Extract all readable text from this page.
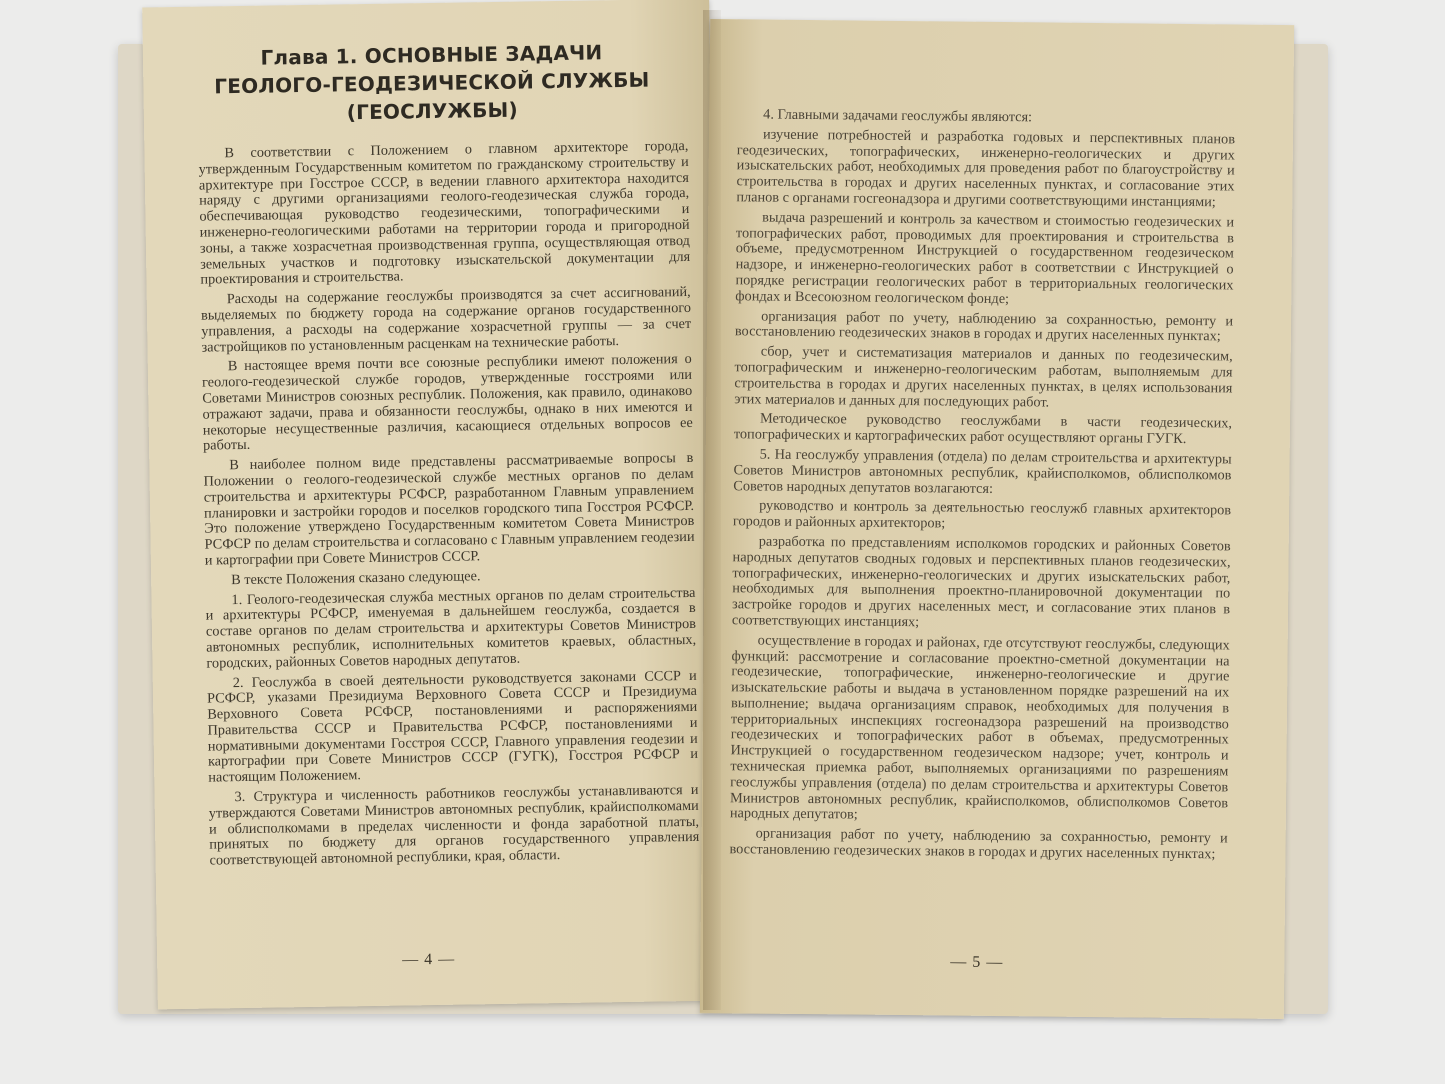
Глава 1. ОСНОВНЫЕ ЗАДАЧИ
ГЕОЛОГО-ГЕОДЕЗИЧЕСКОЙ СЛУЖБЫ
(ГЕОСЛУЖБЫ)

В соответствии с Положением о главном архитекторе города, утвержденным Государственным комитетом по гражданскому строительству и архитектуре при Госстрое СССР, в ведении главного архитектора находится наряду с другими организациями геолого-геодезическая служба города, обеспечивающая руководство геодезическими, топографическими и инженерно-геологическими работами на территории города и пригородной зоны, а также хозрасчетная производственная группа, осуществляющая отвод земельных участков и подготовку изыскательской документации для проектирования и строительства.

Расходы на содержание геослужбы производятся за счет ассигнований, выделяемых по бюджету города на содержание органов государственного управления, а расходы на содержание хозрасчетной группы — за счет застройщиков по установленным расценкам на технические работы.

В настоящее время почти все союзные республики имеют положения о геолого-геодезической службе городов, утвержденные госстроями или Советами Министров союзных республик. Положения, как правило, одинаково отражают задачи, права и обязанности геослужбы, однако в них имеются и некоторые несущественные различия, касающиеся отдельных вопросов ее работы.

В наиболее полном виде представлены рассматриваемые вопросы в Положении о геолого-геодезической службе местных органов по делам строительства и архитектуры РСФСР, разработанном Главным управлением планировки и застройки городов и поселков городского типа Госстроя РСФСР. Это положение утверждено Государственным комитетом Совета Министров РСФСР по делам строительства и согласовано с Главным управлением геодезии и картографии при Совете Министров СССР.

В тексте Положения сказано следующее.

1. Геолого-геодезическая служба местных органов по делам строительства и архитектуры РСФСР, именуемая в дальнейшем геослужба, создается в составе органов по делам строительства и архитектуры Советов Министров автономных республик, исполнительных комитетов краевых, областных, городских, районных Советов народных депутатов.

2. Геослужба в своей деятельности руководствуется законами СССР и РСФСР, указами Президиума Верховного Совета СССР и Президиума Верховного Совета РСФСР, постановлениями и распоряжениями Правительства СССР и Правительства РСФСР, постановлениями и нормативными документами Госстроя СССР, Главного управления геодезии и картографии при Совете Министров СССР (ГУГК), Госстроя РСФСР и настоящим Положением.

3. Структура и численность работников геослужбы устанавливаются и утверждаются Советами Министров автономных республик, крайисполкомами и облисполкомами в пределах численности и фонда заработной платы, принятых по бюджету для органов государственного управления соответствующей автономной республики, края, области.

— 4 —

4. Главными задачами геослужбы являются:

изучение потребностей и разработка годовых и перспективных планов геодезических, топографических, инженерно-геологических и других изыскательских работ, необходимых для проведения работ по благоустройству и строительства в городах и других населенных пунктах, и согласование этих планов с органами госгеонадзора и другими соответствующими инстанциями;

выдача разрешений и контроль за качеством и стоимостью геодезических и топографических работ, проводимых для проектирования и строительства в объеме, предусмотренном Инструкцией о государственном геодезическом надзоре, и инженерно-геологических работ в соответствии с Инструкцией о порядке регистрации геологических работ в территориальных геологических фондах и Всесоюзном геологическом фонде;

организация работ по учету, наблюдению за сохранностью, ремонту и восстановлению геодезических знаков в городах и других населенных пунктах;

сбор, учет и систематизация материалов и данных по геодезическим, топографическим и инженерно-геологическим работам, выполняемым для строительства в городах и других населенных пунктах, в целях использования этих материалов и данных для последующих работ.

Методическое руководство геослужбами в части геодезических, топографических и картографических работ осуществляют органы ГУГК.

5. На геослужбу управления (отдела) по делам строительства и архитектуры Советов Министров автономных республик, крайисполкомов, облисполкомов Советов народных депутатов возлагаются:

руководство и контроль за деятельностью геослужб главных архитекторов городов и районных архитекторов;

разработка по представлениям исполкомов городских и районных Советов народных депутатов сводных годовых и перспективных планов геодезических, топографических, инженерно-геологических и других изыскательских работ, необходимых для выполнения проектно-планировочной документации по застройке городов и других населенных мест, и согласование этих планов в соответствующих инстанциях;

осуществление в городах и районах, где отсутствуют геослужбы, следующих функций: рассмотрение и согласование проектно-сметной документации на геодезические, топографические, инженерно-геологические и другие изыскательские работы и выдача в установленном порядке разрешений на их выполнение; выдача организациям справок, необходимых для получения в территориальных инспекциях госгеонадзора разрешений на производство геодезических и топографических работ в объемах, предусмотренных Инструкцией о государственном геодезическом надзоре; учет, контроль и техническая приемка работ, выполняемых организациями по разрешениям геослужбы управления (отдела) по делам строительства и архитектуры Советов Министров автономных республик, крайисполкомов, облисполкомов Советов народных депутатов;

организация работ по учету, наблюдению за сохранностью, ремонту и восстановлению геодезических знаков в городах и других населенных пунктах;

— 5 —
